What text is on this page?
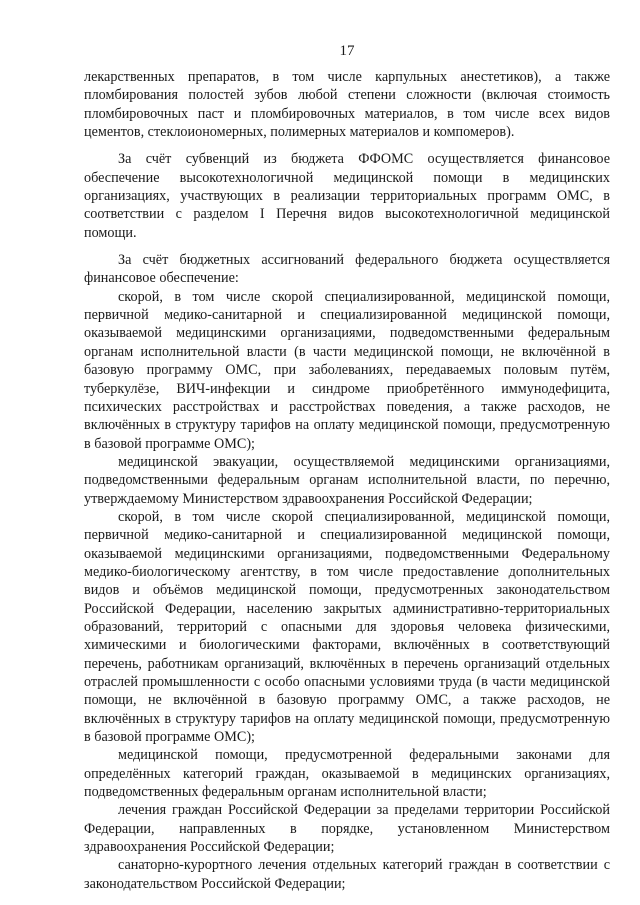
17

лекарственных препаратов, в том числе карпульных анестетиков), а также пломбирования полостей зубов любой степени сложности (включая стоимость пломбировочных паст и пломбировочных материалов, в том числе всех видов цементов, стеклоиономерных, полимерных материалов и компомеров).

За счёт субвенций из бюджета ФФОМС осуществляется финансовое обеспечение высокотехнологичной медицинской помощи в медицинских организациях, участвующих в реализации территориальных программ ОМС, в соответствии с разделом I Перечня видов высокотехнологичной медицинской помощи.

За счёт бюджетных ассигнований федерального бюджета осуществляется финансовое обеспечение:

скорой, в том числе скорой специализированной, медицинской помощи, первичной медико-санитарной и специализированной медицинской помощи, оказываемой медицинскими организациями, подведомственными федеральным органам исполнительной власти (в части медицинской помощи, не включённой в базовую программу ОМС, при заболеваниях, передаваемых половым путём, туберкулёзе, ВИЧ-инфекции и синдроме приобретённого иммунодефицита, психических расстройствах и расстройствах поведения, а также расходов, не включённых в структуру тарифов на оплату медицинской помощи, предусмотренную в базовой программе ОМС);

медицинской эвакуации, осуществляемой медицинскими организациями, подведомственными федеральным органам исполнительной власти, по перечню, утверждаемому Министерством здравоохранения Российской Федерации;

скорой, в том числе скорой специализированной, медицинской помощи, первичной медико-санитарной и специализированной медицинской помощи, оказываемой медицинскими организациями, подведомственными Федеральному медико-биологическому агентству, в том числе предоставление дополнительных видов и объёмов медицинской помощи, предусмотренных законодательством Российской Федерации, населению закрытых административно-территориальных образований, территорий с опасными для здоровья человека физическими, химическими и биологическими факторами, включённых в соответствующий перечень, работникам организаций, включённых в перечень организаций отдельных отраслей промышленности с особо опасными условиями труда (в части медицинской помощи, не включённой в базовую программу ОМС, а также расходов, не включённых в структуру тарифов на оплату медицинской помощи, предусмотренную в базовой программе ОМС);

медицинской помощи, предусмотренной федеральными законами для определённых категорий граждан, оказываемой в медицинских организациях, подведомственных федеральным органам исполнительной власти;

лечения граждан Российской Федерации за пределами территории Российской Федерации, направленных в порядке, установленном Министерством здравоохранения Российской Федерации;

санаторно-курортного лечения отдельных категорий граждан в соответствии с законодательством Российской Федерации;
